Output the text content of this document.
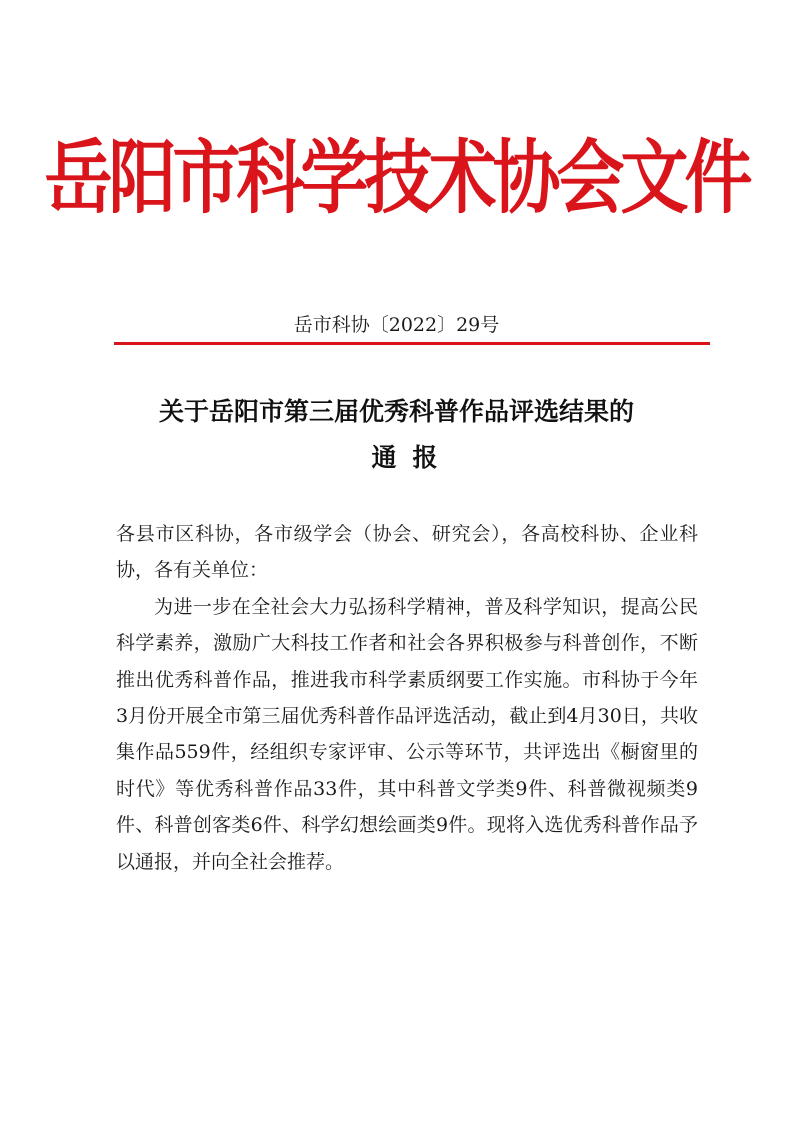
岳阳市科学技术协会文件
岳市科协〔2022〕29号
关于岳阳市第三届优秀科普作品评选结果的
通报

各县市区科协，各市级学会（协会、研究会），各高校科协、企业科协，各有关单位：

为进一步在全社会大力弘扬科学精神，普及科学知识，提高公民科学素养，激励广大科技工作者和社会各界积极参与科普创作，不断推出优秀科普作品，推进我市科学素质纲要工作实施。市科协于今年3月份开展全市第三届优秀科普作品评选活动，截止到4月30日，共收集作品559件，经组织专家评审、公示等环节，共评选出《橱窗里的时代》等优秀科普作品33件，其中科普文学类9件、科普微视频类9件、科普创客类6件、科学幻想绘画类9件。现将入选优秀科普作品予以通报，并向全社会推荐。
